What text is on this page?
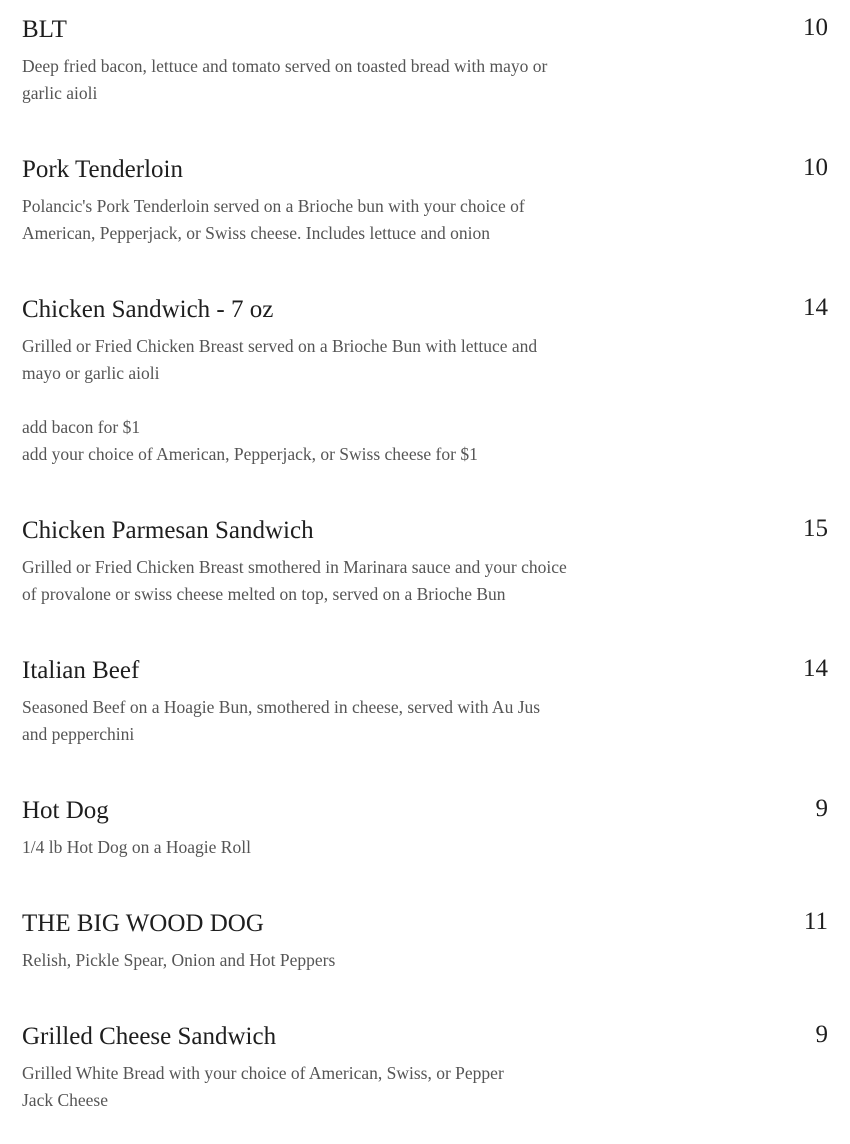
BLT	10
Deep fried bacon, lettuce and tomato served on toasted bread with mayo or
garlic aioli
Pork Tenderloin	10
Polancic's Pork Tenderloin served on a Brioche bun with your choice of
American, Pepperjack, or Swiss cheese. Includes lettuce and onion
Chicken Sandwich - 7 oz	14
Grilled or Fried Chicken Breast served on a Brioche Bun with lettuce and
mayo or garlic aioli
add bacon for $1
add your choice of American, Pepperjack, or Swiss cheese for $1
Chicken Parmesan Sandwich	15
Grilled or Fried Chicken Breast smothered in Marinara sauce and your choice
of provalone or swiss cheese melted on top, served on a Brioche Bun
Italian Beef	14
Seasoned Beef on a Hoagie Bun, smothered in cheese, served with Au Jus
and pepperchini
Hot Dog	9
1/4 lb Hot Dog on a Hoagie Roll
THE BIG WOOD DOG	11
Relish, Pickle Spear, Onion and Hot Peppers
Grilled Cheese Sandwich	9
Grilled White Bread with your choice of American, Swiss, or Pepper
Jack Cheese
